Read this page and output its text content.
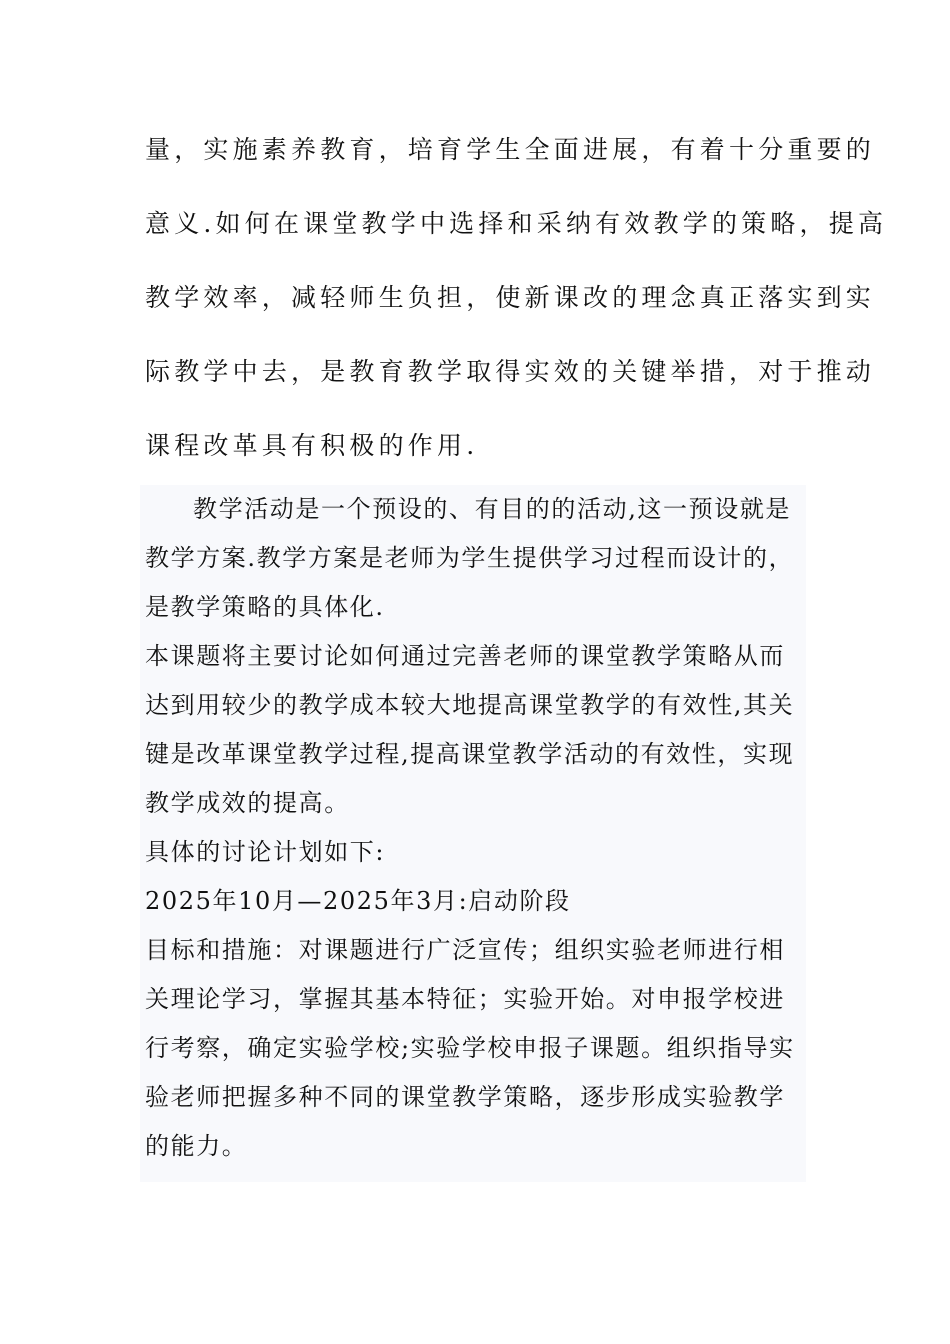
量，实施素养教育，培育学生全面进展，有着十分重要的
意义.如何在课堂教学中选择和采纳有效教学的策略，提高
教学效率，减轻师生负担，使新课改的理念真正落实到实
际教学中去，是教育教学取得实效的关键举措，对于推动
课程改革具有积极的作用.
教学活动是一个预设的、有目的的活动,这一预设就是
教学方案.教学方案是老师为学生提供学习过程而设计的，
是教学策略的具体化.
本课题将主要讨论如何通过完善老师的课堂教学策略从而
达到用较少的教学成本较大地提高课堂教学的有效性,其关
键是改革课堂教学过程,提高课堂教学活动的有效性，实现
教学成效的提高。
具体的讨论计划如下:
2025年10月—2025年3月:启动阶段
目标和措施：对课题进行广泛宣传；组织实验老师进行相
关理论学习，掌握其基本特征；实验开始。对申报学校进
行考察，确定实验学校;实验学校申报子课题。组织指导实
验老师把握多种不同的课堂教学策略，逐步形成实验教学
的能力。
